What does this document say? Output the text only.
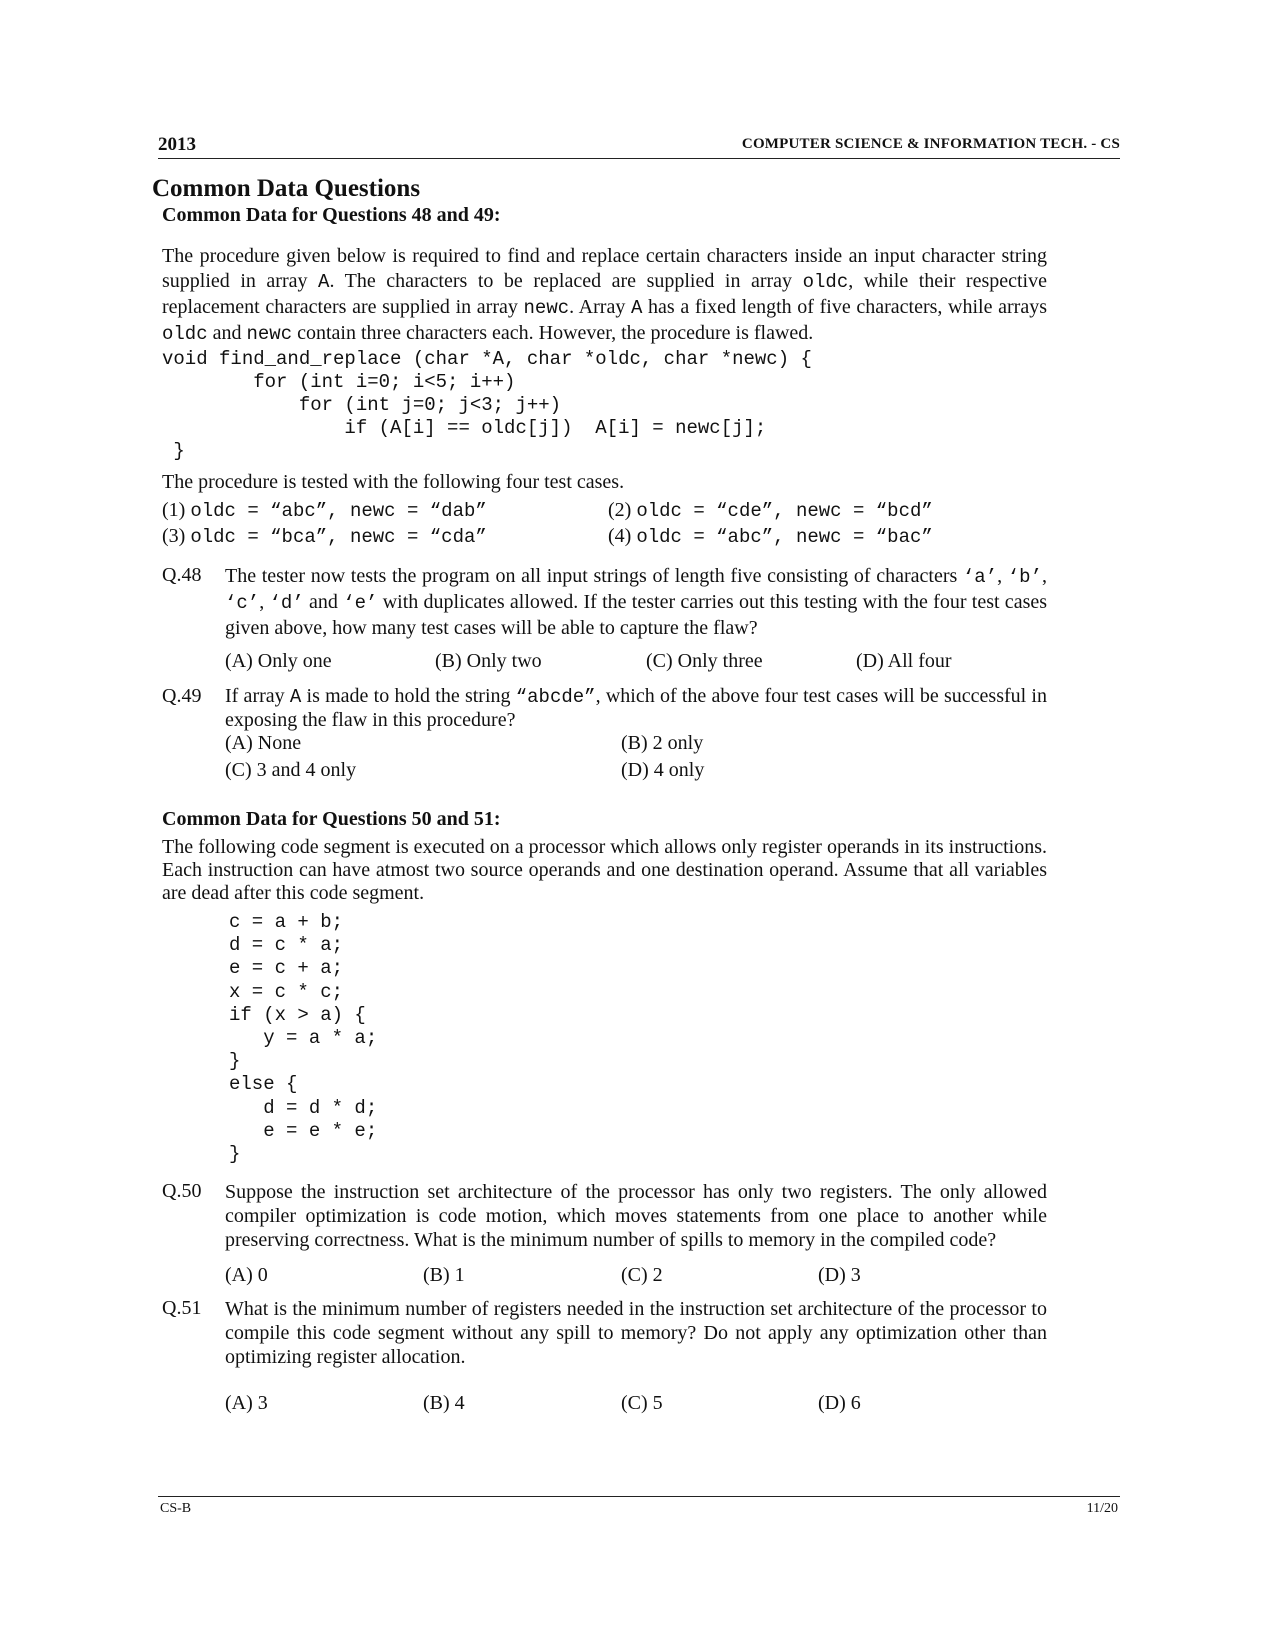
2013	COMPUTER SCIENCE & INFORMATION TECH. - CS
Common Data Questions
Common Data for Questions 48 and 49:
The procedure given below is required to find and replace certain characters inside an input character string supplied in array A. The characters to be replaced are supplied in array oldc, while their respective replacement characters are supplied in array newc. Array A has a fixed length of five characters, while arrays oldc and newc contain three characters each. However, the procedure is flawed.
void find_and_replace (char *A, char *oldc, char *newc) {
for (int i=0; i<5; i++)
for (int j=0; j<3; j++)
if (A[i] == oldc[j])  A[i] = newc[j];
}
The procedure is tested with the following four test cases.
(1) oldc = “abc”, newc = “dab”	(2) oldc = “cde”, newc = “bcd”
(3) oldc = “bca”, newc = “cda”	(4) oldc = “abc”, newc = “bac”
Q.48 The tester now tests the program on all input strings of length five consisting of characters ‘a’, ‘b’, ‘c’, ‘d’ and ‘e’ with duplicates allowed. If the tester carries out this testing with the four test cases given above, how many test cases will be able to capture the flaw?
(A) Only one	(B) Only two	(C) Only three	(D) All four
Q.49 If array A is made to hold the string “abcde”, which of the above four test cases will be successful in exposing the flaw in this procedure?
(A) None	(B) 2 only
(C) 3 and 4 only	(D) 4 only
Common Data for Questions 50 and 51:
The following code segment is executed on a processor which allows only register operands in its instructions. Each instruction can have atmost two source operands and one destination operand. Assume that all variables are dead after this code segment.
c = a + b;
d = c * a;
e = c + a;
x = c * c;
if (x > a) {
y = a * a;
}
else {
d = d * d;
e = e * e;
}
Q.50 Suppose the instruction set architecture of the processor has only two registers. The only allowed compiler optimization is code motion, which moves statements from one place to another while preserving correctness. What is the minimum number of spills to memory in the compiled code?
(A) 0	(B) 1	(C) 2	(D) 3
Q.51 What is the minimum number of registers needed in the instruction set architecture of the processor to compile this code segment without any spill to memory? Do not apply any optimization other than optimizing register allocation.
(A) 3	(B) 4	(C) 5	(D) 6
CS-B	11/20
